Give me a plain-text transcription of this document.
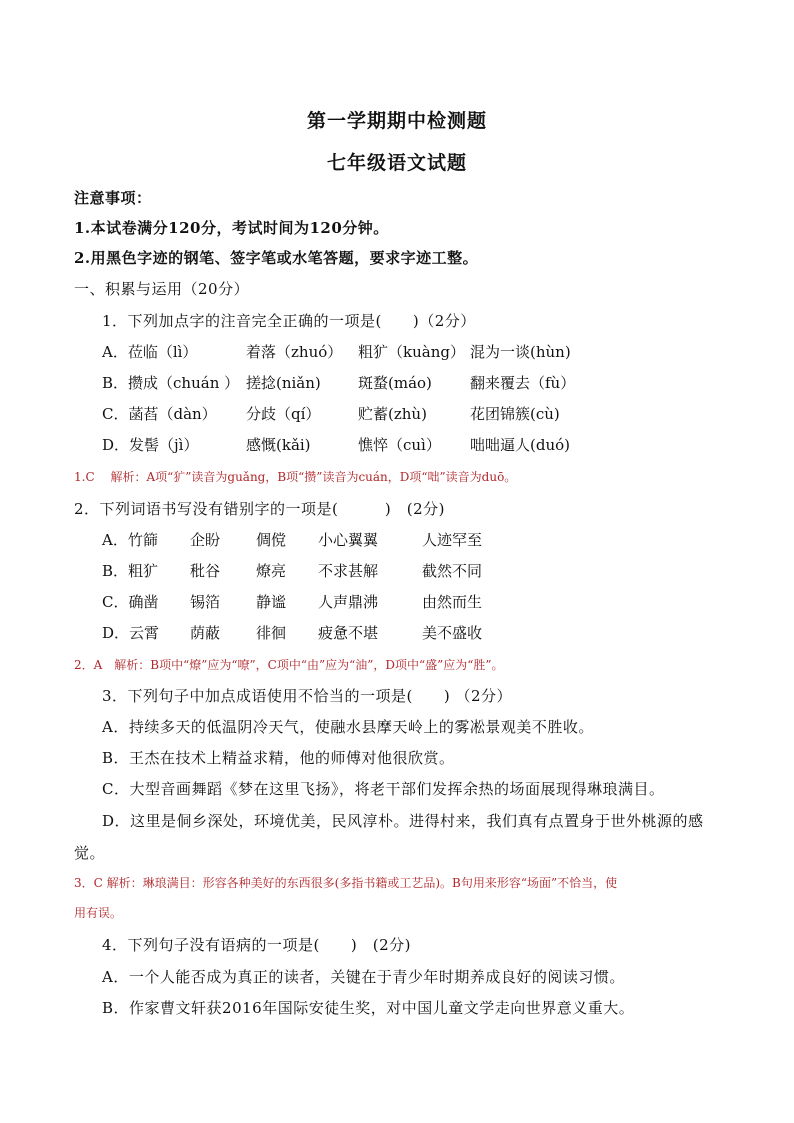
第一学期期中检测题
七年级语文试题
注意事项：
1.本试卷满分120分，考试时间为120分钟。
2.用黑色字迹的钢笔、签字笔或水笔答题，要求字迹工整。
一、积累与运用（20分）
1．下列加点字的注音完全正确的一项是(　　)（2分）
A．莅临（lì）	着落（zhuó） 粗犷（kuàng） 混为一谈(hùn)
B．攒成（chuán ） 搓捻(niǎn) 斑蝥(máo)	翻来覆去（fù）
C．菡萏（dàn） 分歧（qí）	贮蓄(zhù)	花团锦簇(cù)
D．发髻（jì）	感慨(kǎi)	憔悴（cuì） 咄咄逼人(duó)
1.C　 解析：A项“犷”读音为guǎng，B项“攒”读音为cuán，D项“咄”读音为duō。
2．下列词语书写没有错别字的一项是(　　　)　(2分)
A．竹篩 企盼 倜傥 小心翼翼	人迹罕至
B．粗犷 秕谷 燎亮 不求甚解	截然不同
C．确凿 锡箔 静谧 人声鼎沸	由然而生
D．云霄 荫蔽 徘徊 疲惫不堪	美不盛收
2．A　解析：B项中“燎”应为“嘹”，C项中“由”应为“油”，D项中“盛”应为“胜”。
3．下列句子中加点成语使用不恰当的一项是(　　) （2分）
A．持续多天的低温阴冷天气，使融水县摩天岭上的雾凇景观美不胜收。
B．王杰在技术上精益求精，他的师傅对他很欣赏。
C．大型音画舞蹈《梦在这里飞扬》，将老干部们发挥余热的场面展现得琳琅满目。
D．这里是侗乡深处，环境优美，民风淳朴。进得村来，我们真有点置身于世外桃源的感
觉。
3．C 解析：琳琅满目：形容各种美好的东西很多(多指书籍或工艺品)。B句用来形容“场面”不恰当，使
用有误。
4．下列句子没有语病的一项是(　　)　(2分)
A．一个人能否成为真正的读者，关键在于青少年时期养成良好的阅读习惯。
B．作家曹文轩获2016年国际安徒生奖，对中国儿童文学走向世界意义重大。
